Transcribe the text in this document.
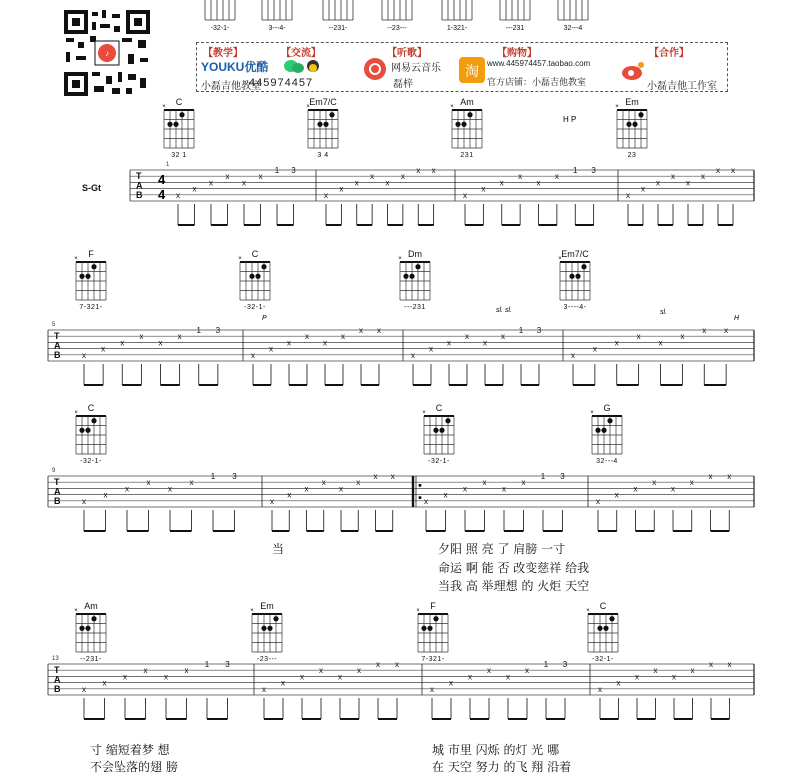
♪
-32-1-	3---4-	--231-	--23---	1-321-	---231	32---4
【教学】
YOUKU优酷
小磊吉他教室
【交流】
445974457
【听歌】
网易云音乐
磊梓
【购物】
淘 www.445974457.taobao.com
官方店铺：小磊吉他教室
【合作】
小磊吉他工作室
T
A
B
1
4
4 x
x
x
x
x
x
1 3
x
x
x
x
x
x
x x
x
x
x
x
x
x
1 3
x
x
x
x
x
x
x x
T
A
B
5
x
x
x
x
x
x
1 3
x
x
x
x
x
x
x x
x
x
x
x
x
x
1 3
x
x
x
x
x
x
x x
T
A
B
9
x
x
x
x
x
x
1 3
x
x
x
x
x
x
x x
x
x
x
x
x
x
1 3
x
x
x
x
x
x
x x
T
A
B
13
x
x
x
x
x
x
1 3
x
x
x
x
x
x
x x
x
x
x
x
x
x
1 3
x
x
x
x
x
x
x x
×	×	×	×
×	×	×	×
×	×	×
×	×	×	×
H P
P
sl. sl.	sl.
H
S-Gt
C
32 1
Em7/C
3 4
Am
231
Em
23
F
7-321-
C
-32-1-
Dm
---231
Em7/C
3----4-
C
-32-1-
C
-32-1-
G
32---4
Am
--231-
Em
-23---
F
7-321-
C
-32-1-
当	夕阳 照 亮 了 肩膀 一寸
命运 啊 能 否 改变慈祥 给我
当我 高 举理想 的 火炬 天空
寸 缩短着梦 想	城 市里 闪烁 的灯 光 哪
不会坠落的翅 膀	在 天空 努力 的飞 翔 沿着
